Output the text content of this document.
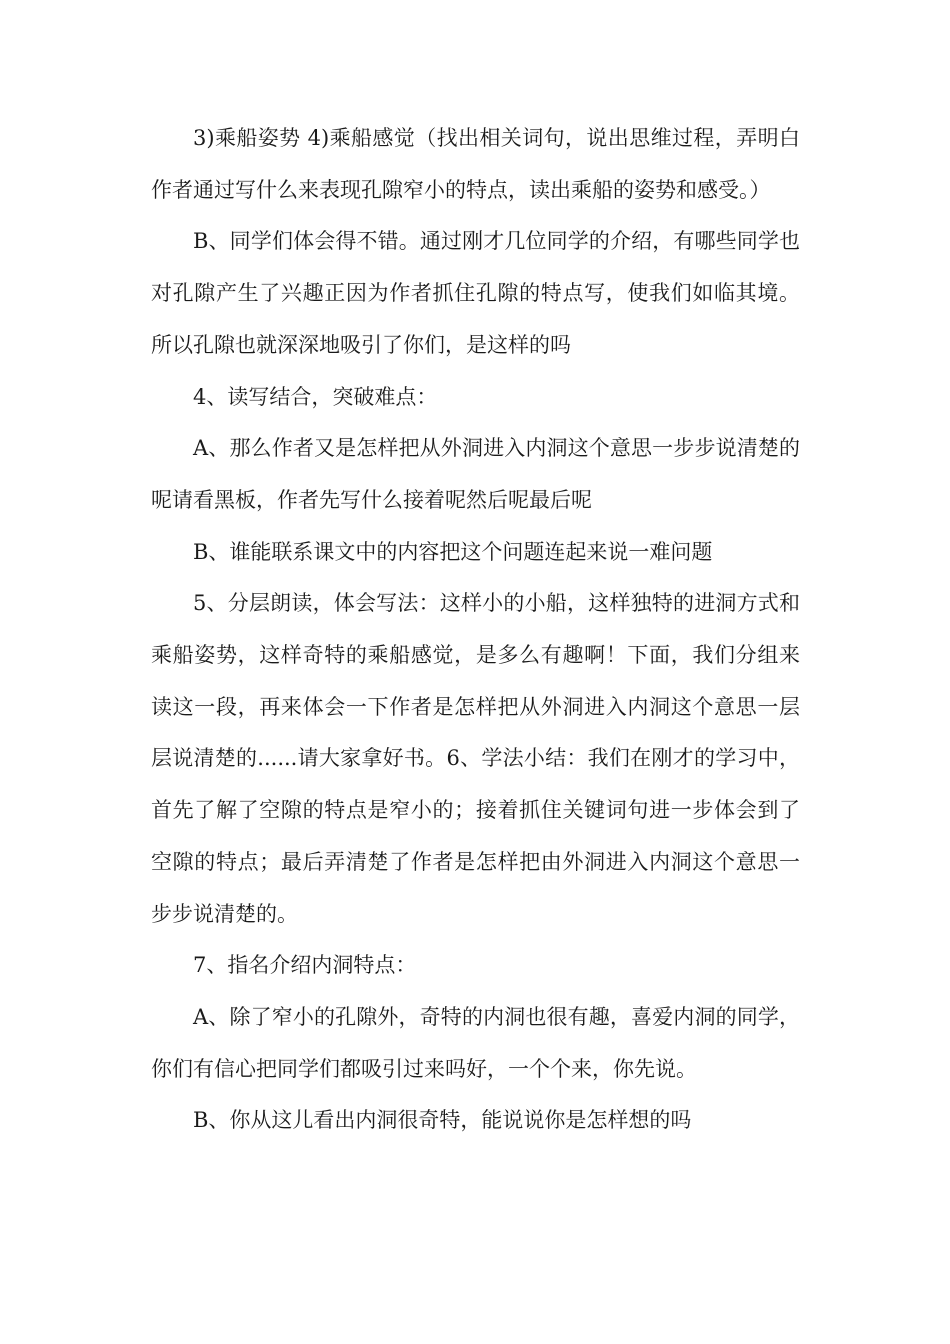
3)乘船姿势 4)乘船感觉（找出相关词句，说出思维过程，弄明白作者通过写什么来表现孔隙窄小的特点，读出乘船的姿势和感受。）

B、同学们体会得不错。通过刚才几位同学的介绍，有哪些同学也对孔隙产生了兴趣正因为作者抓住孔隙的特点写，使我们如临其境。所以孔隙也就深深地吸引了你们，是这样的吗

4、读写结合，突破难点：

A、那么作者又是怎样把从外洞进入内洞这个意思一步步说清楚的呢请看黑板，作者先写什么接着呢然后呢最后呢

B、谁能联系课文中的内容把这个问题连起来说一难问题

5、分层朗读，体会写法：这样小的小船，这样独特的进洞方式和乘船姿势，这样奇特的乘船感觉，是多么有趣啊！下面，我们分组来读这一段，再来体会一下作者是怎样把从外洞进入内洞这个意思一层层说清楚的......请大家拿好书。6、学法小结：我们在刚才的学习中，首先了解了空隙的特点是窄小的；接着抓住关键词句进一步体会到了空隙的特点；最后弄清楚了作者是怎样把由外洞进入内洞这个意思一步步说清楚的。

7、指名介绍内洞特点：

A、除了窄小的孔隙外，奇特的内洞也很有趣，喜爱内洞的同学，你们有信心把同学们都吸引过来吗好，一个个来，你先说。

B、你从这儿看出内洞很奇特，能说说你是怎样想的吗
